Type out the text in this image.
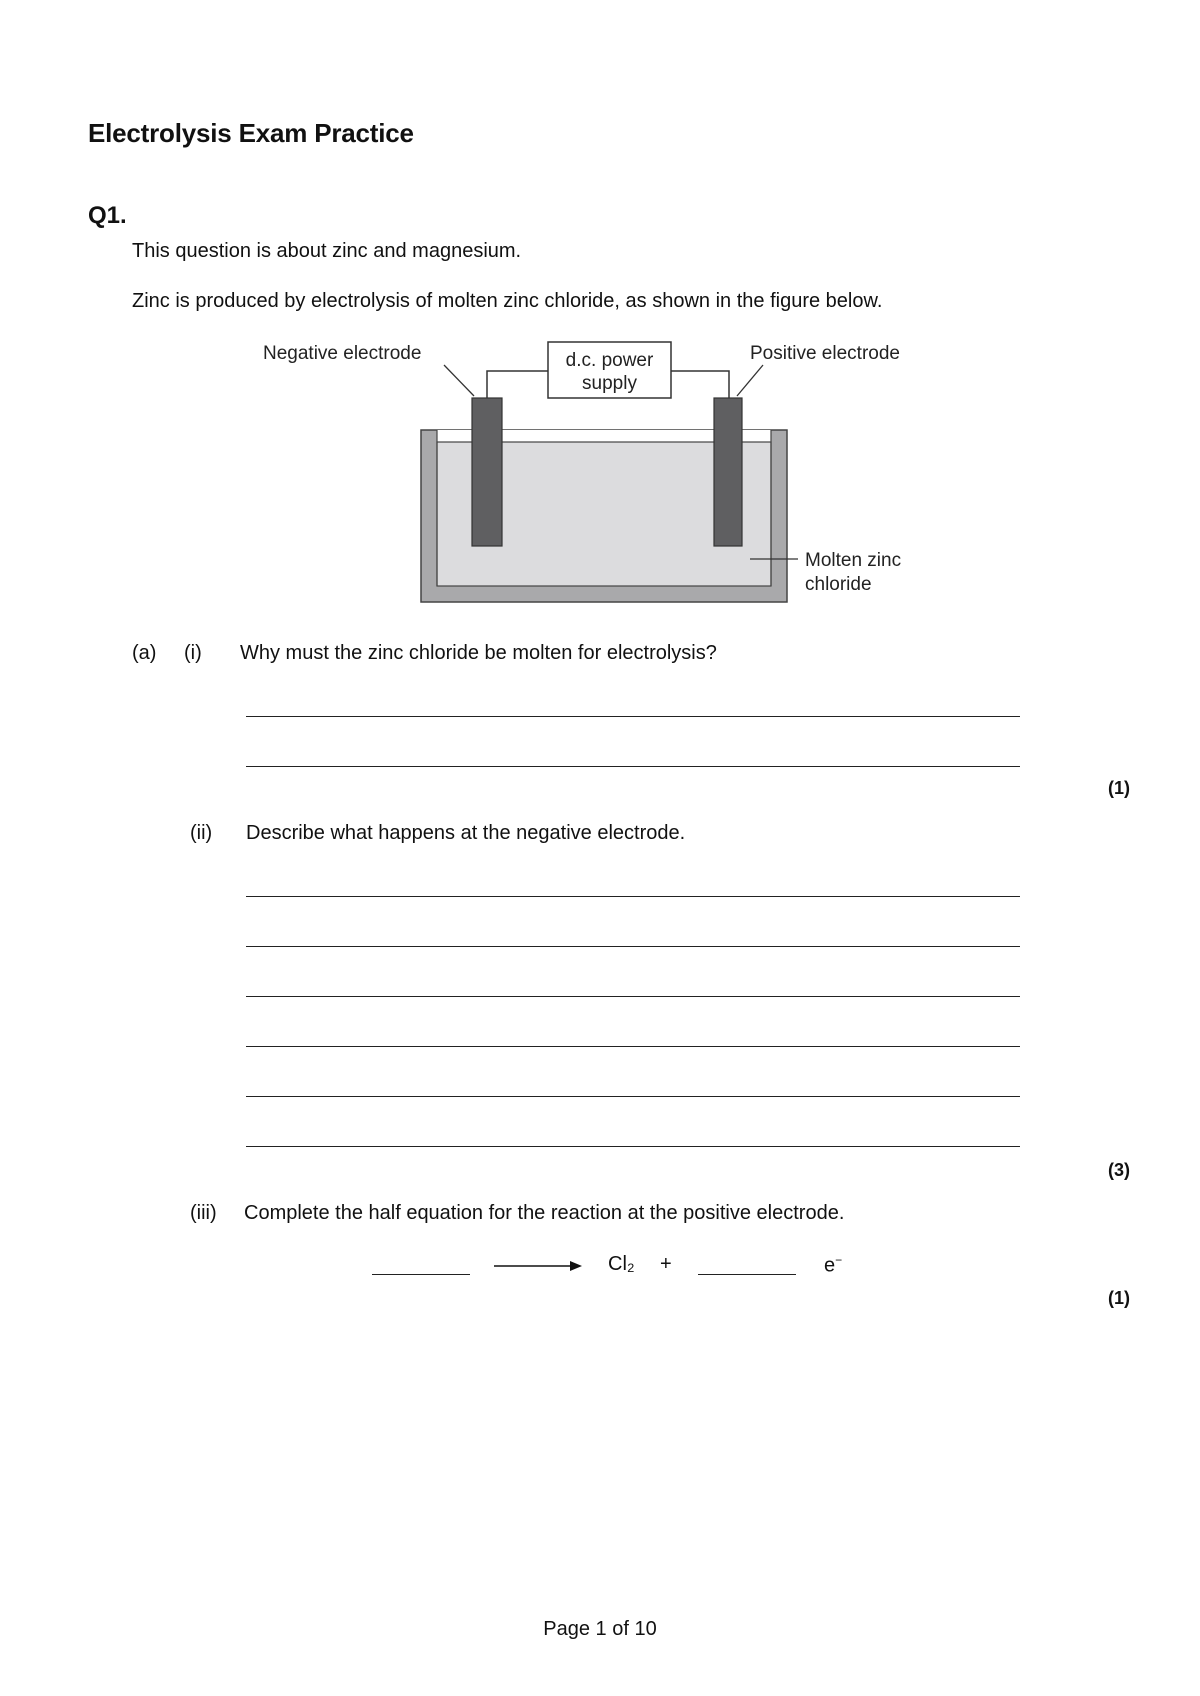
Electrolysis Exam Practice
Q1.
This question is about zinc and magnesium.
Zinc is produced by electrolysis of molten zinc chloride, as shown in the figure below.
d.c. power
supply
Negative electrode	Positive electrode
Molten zinc
chloride
(a) (i) Why must the zinc chloride be molten for electrolysis?
(1)
(ii) Describe what happens at the negative electrode.
(3)
(iii) Complete the half equation for the reaction at the positive electrode.
Cl₂ +	e−
(1)
Page 1 of 10
